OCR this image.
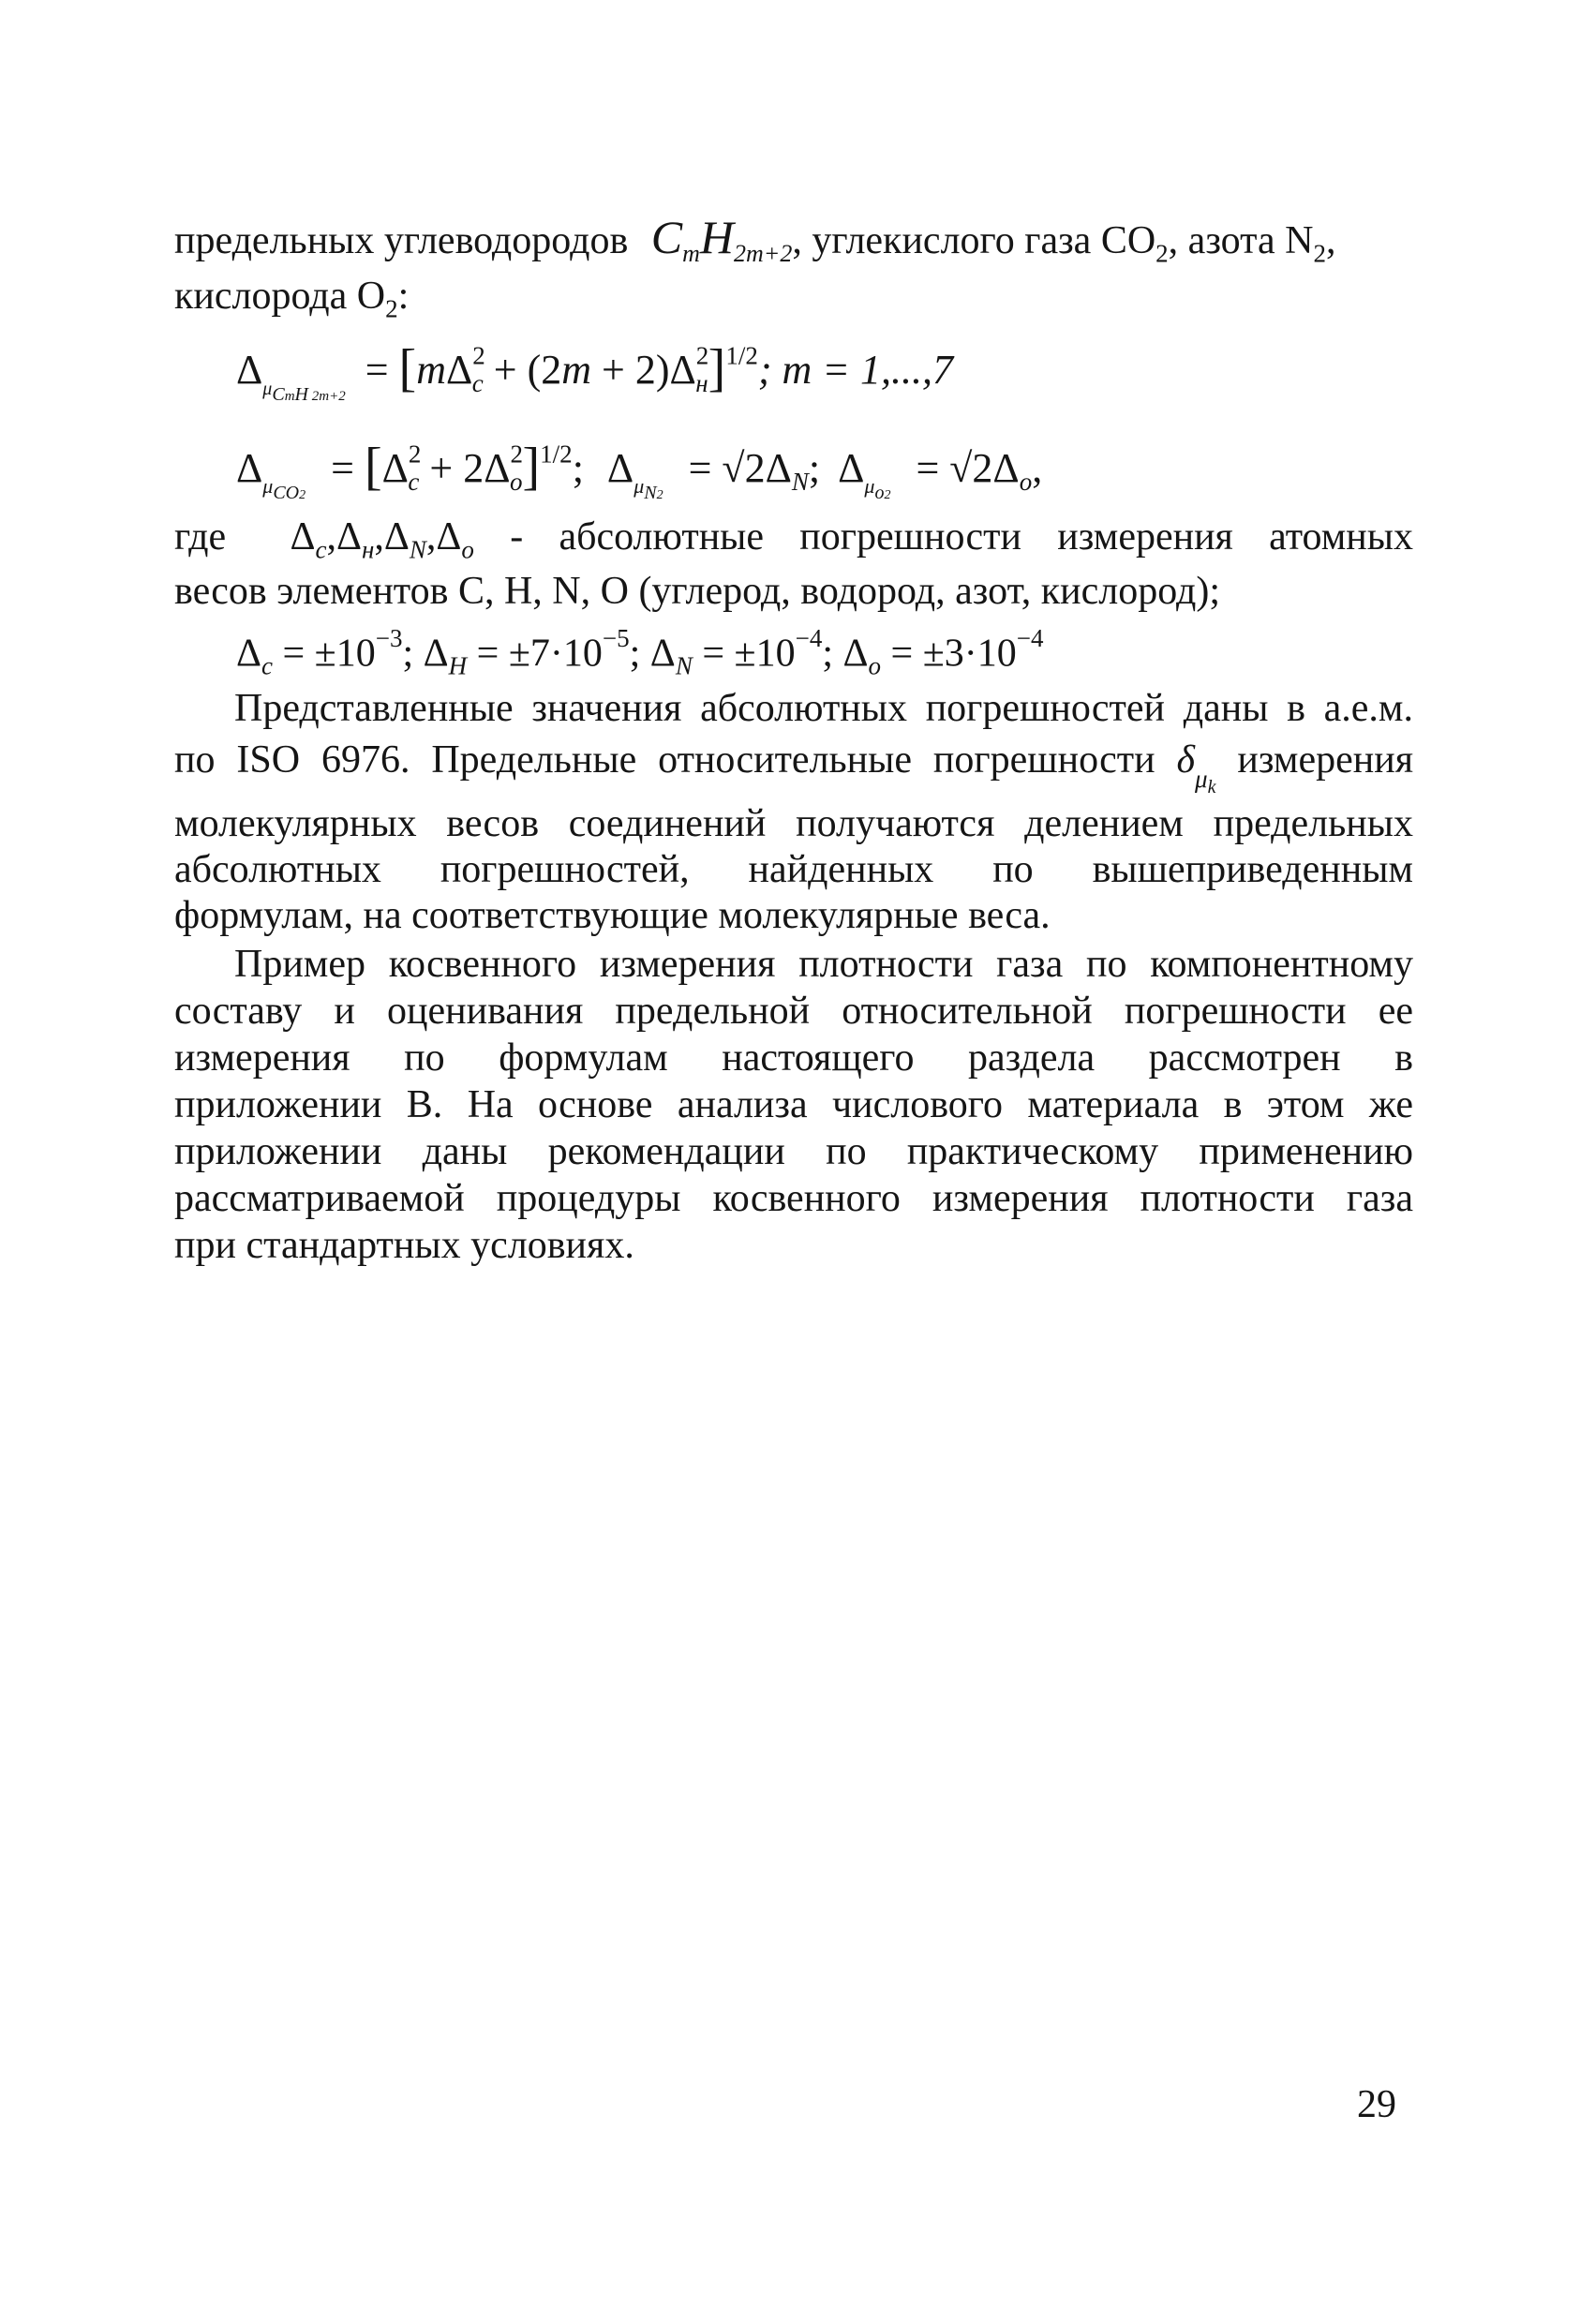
предельных углеводородов $C_mH_{2m+2}$, углекислого газа $СО_2$, азота $N_2$,
кислорода $О_2$:
$\Delta_{\mu CmH 2m+2} = [m\Delta^2_c + (2m + 2)\Delta^2_н]^{1/2}$; m = 1,...,7
$\Delta_{\mu CO2} = [\Delta^2_c + 2\Delta^2_o]^{1/2}$; $\Delta_{\mu N2} = √2\Delta_N$; $\Delta_{\mu o2} = √2\Delta_o$,
где $\Delta_c,\Delta_н,\Delta_N,\Delta_o$ - абсолютные погрешности измерения атомных
весов элементов С, Н, N, О (углерод, водород, азот, кислород);
$\Delta_c = \pm 10^{-3}$; $\Delta_H = \pm 7\cdot 10^{-5}$; $\Delta_N = \pm 10^{-4}$; $\Delta_o = \pm 3\cdot 10^{-4}$
Представленные значения абсолютных погрешностей даны в а.е.м.
по ISO 6976. Предельные относительные погрешности $\delta_{\mu_k}$ измерения
молекулярных весов соединений получаются делением предельных
абсолютных погрешностей, найденных по вышеприведенным
формулам, на соответствующие молекулярные веса.
Пример косвенного измерения плотности газа по компонентному
составу и оценивания предельной относительной погрешности ее
измерения по формулам настоящего раздела рассмотрен в
приложении В. На основе анализа числового материала в этом же
приложении даны рекомендации по практическому применению
рассматриваемой процедуры косвенного измерения плотности газа
при стандартных условиях.
29
